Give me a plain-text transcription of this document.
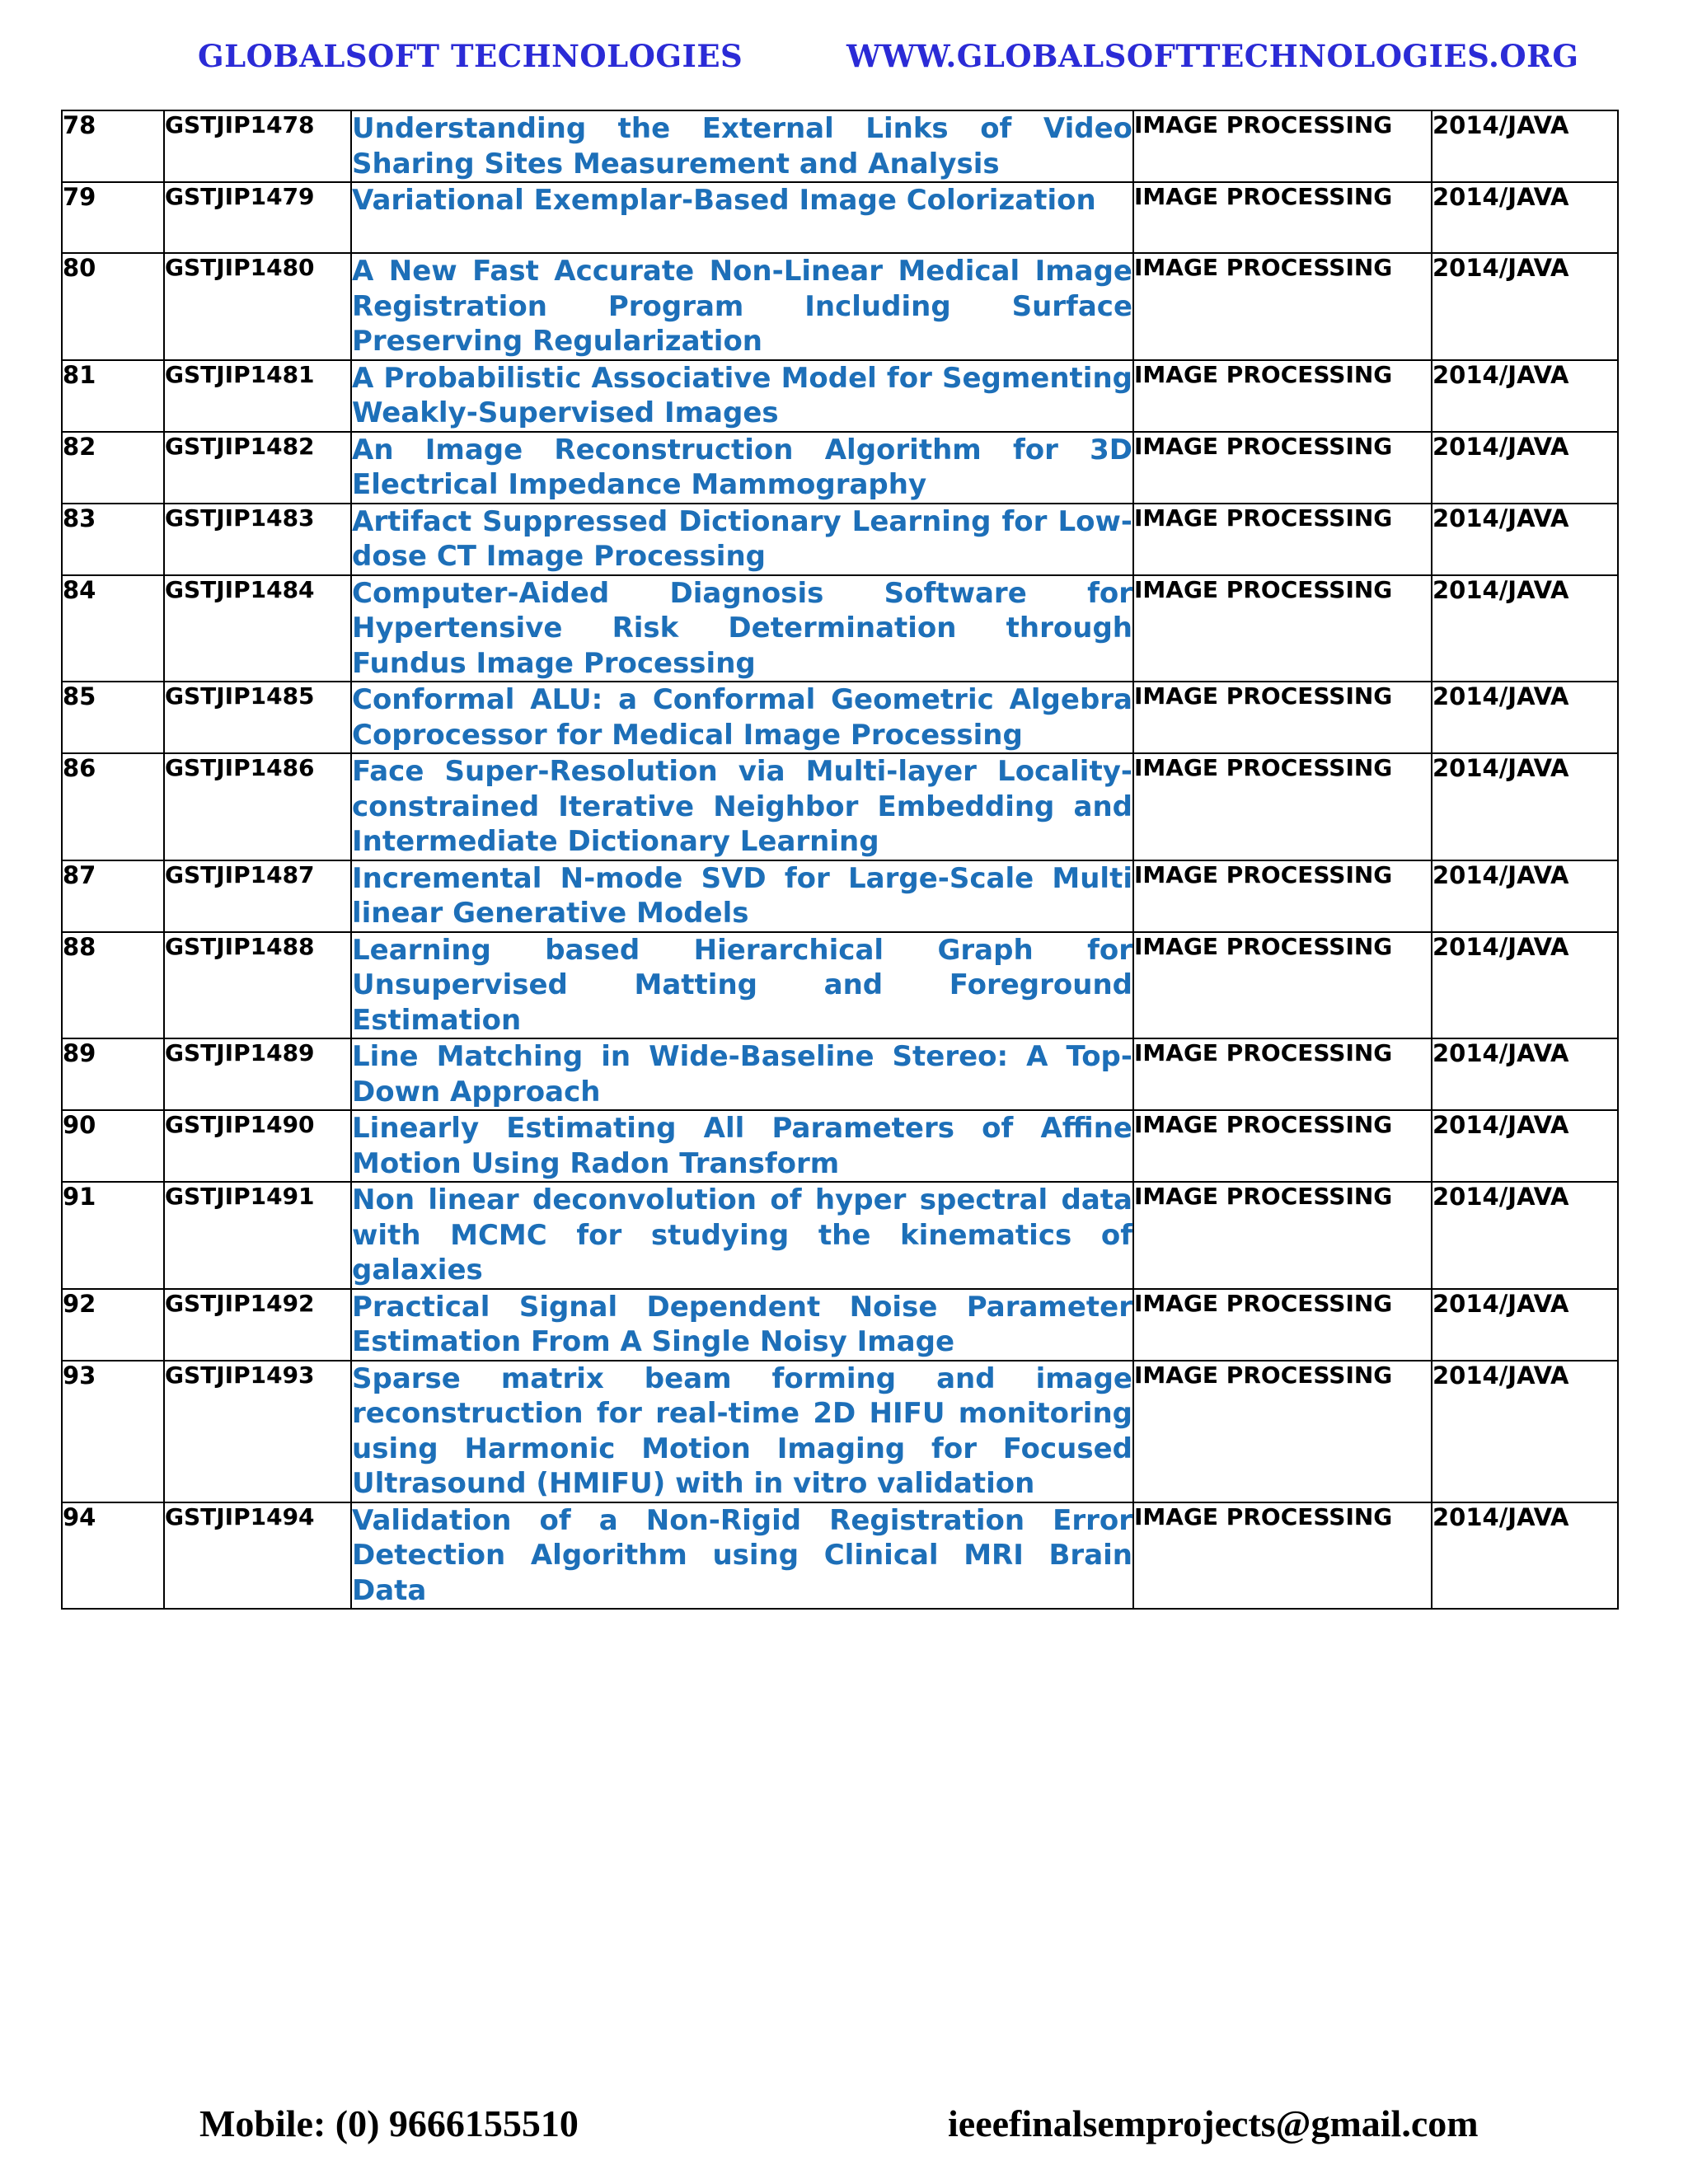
GLOBALSOFT TECHNOLOGIES	WWW.GLOBALSOFTTECHNOLOGIES.ORG
78	GSTJIP1478	Understanding the External Links of Video Sharing Sites Measurement and Analysis	IMAGE PROCESSING	2014/JAVA
79	GSTJIP1479	Variational Exemplar-Based Image Colorization	IMAGE PROCESSING	2014/JAVA
80	GSTJIP1480	A New Fast Accurate Non-Linear Medical Image Registration Program Including Surface Preserving Regularization	IMAGE PROCESSING	2014/JAVA
81	GSTJIP1481	A Probabilistic Associative Model for Segmenting Weakly-Supervised Images	IMAGE PROCESSING	2014/JAVA
82	GSTJIP1482	An Image Reconstruction Algorithm for 3D Electrical Impedance Mammography	IMAGE PROCESSING	2014/JAVA
83	GSTJIP1483	Artifact Suppressed Dictionary Learning for Low-dose CT Image Processing	IMAGE PROCESSING	2014/JAVA
84	GSTJIP1484	Computer-Aided Diagnosis Software for Hypertensive Risk Determination through Fundus Image Processing	IMAGE PROCESSING	2014/JAVA
85	GSTJIP1485	Conformal ALU: a Conformal Geometric Algebra Coprocessor for Medical Image Processing	IMAGE PROCESSING	2014/JAVA
86	GSTJIP1486	Face Super-Resolution via Multi-layer Locality-constrained Iterative Neighbor Embedding and Intermediate Dictionary Learning	IMAGE PROCESSING	2014/JAVA
87	GSTJIP1487	Incremental N-mode SVD for Large-Scale Multi linear Generative Models	IMAGE PROCESSING	2014/JAVA
88	GSTJIP1488	Learning based Hierarchical Graph for Unsupervised Matting and Foreground Estimation	IMAGE PROCESSING	2014/JAVA
89	GSTJIP1489	Line Matching in Wide-Baseline Stereo: A Top-Down Approach	IMAGE PROCESSING	2014/JAVA
90	GSTJIP1490	Linearly Estimating All Parameters of Affine Motion Using Radon Transform	IMAGE PROCESSING	2014/JAVA
91	GSTJIP1491	Non linear deconvolution of hyper spectral data with MCMC for studying the kinematics of galaxies	IMAGE PROCESSING	2014/JAVA
92	GSTJIP1492	Practical Signal Dependent Noise Parameter Estimation From A Single Noisy Image	IMAGE PROCESSING	2014/JAVA
93	GSTJIP1493	Sparse matrix beam forming and image reconstruction for real-time 2D HIFU monitoring using Harmonic Motion Imaging for Focused Ultrasound (HMIFU) with in vitro validation	IMAGE PROCESSING	2014/JAVA
94	GSTJIP1494	Validation of a Non-Rigid Registration Error Detection Algorithm using Clinical MRI Brain Data	IMAGE PROCESSING	2014/JAVA
Mobile: (0) 9666155510	ieeefinalsemprojects@gmail.com
